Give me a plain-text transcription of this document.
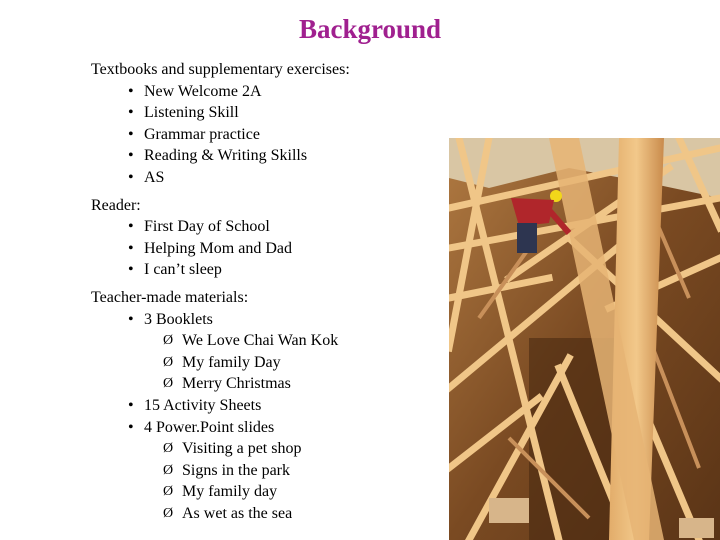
Background

Textbooks and supplementary exercises:

• New Welcome 2A
• Listening Skill
• Grammar practice
• Reading & Writing Skills
• AS

Reader:

• First Day of School
• Helping Mom and Dad
• I can’t sleep

Teacher-made materials:

• 3 Booklets
Ø We Love Chai Wan Kok
Ø My family Day
Ø Merry Christmas
• 15 Activity Sheets
• 4 Power.Point slides
Ø Visiting a pet shop
Ø Signs in the park
Ø My family day
Ø As wet as the sea
